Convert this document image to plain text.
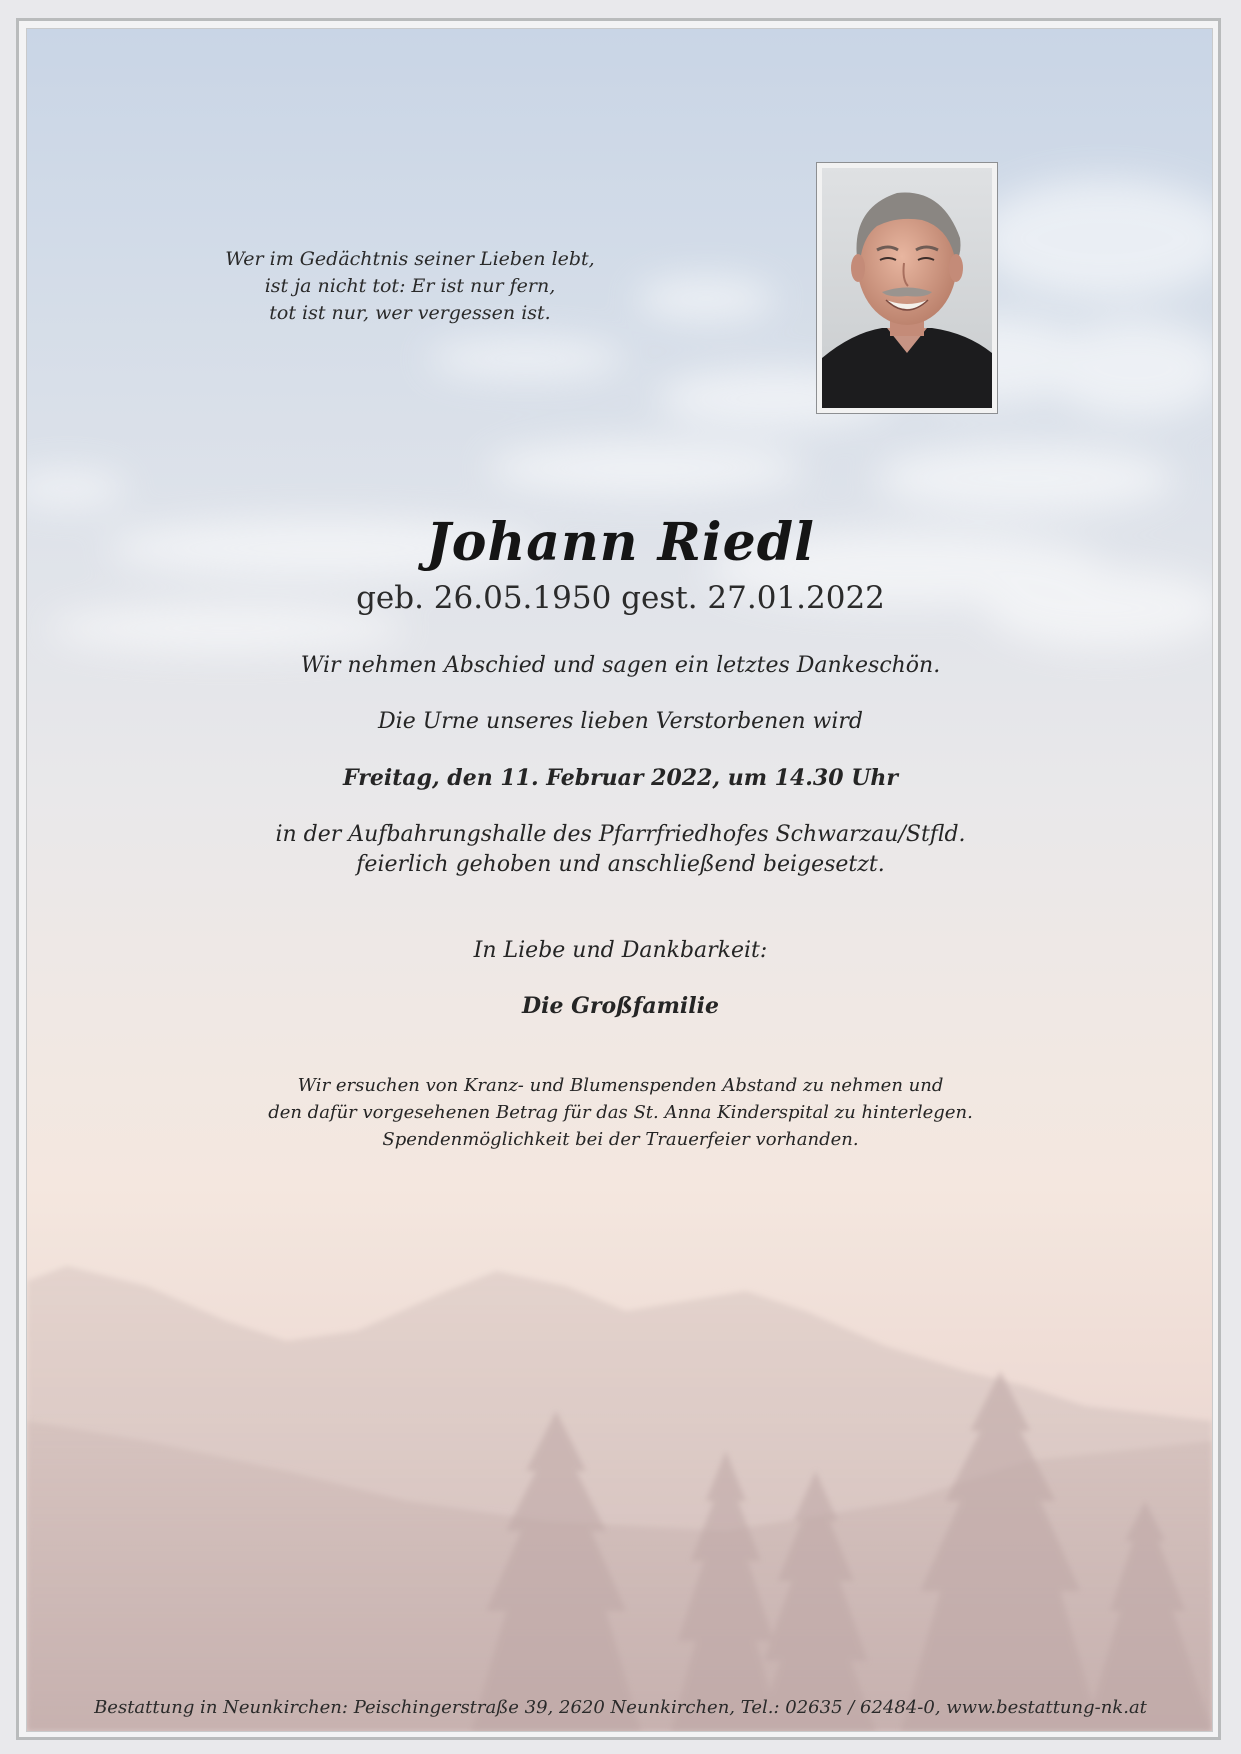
Wer im Gedächtnis seiner Lieben lebt,
ist ja nicht tot: Er ist nur fern,
tot ist nur, wer vergessen ist.
Johann Riedl
geb. 26.05.1950 gest. 27.01.2022
Wir nehmen Abschied und sagen ein letztes Dankeschön.
Die Urne unseres lieben Verstorbenen wird
Freitag, den 11. Februar 2022, um 14.30 Uhr
in der Aufbahrungshalle des Pfarrfriedhofes Schwarzau/Stfld.
feierlich gehoben und anschließend beigesetzt.
In Liebe und Dankbarkeit:
Die Großfamilie
Wir ersuchen von Kranz- und Blumenspenden Abstand zu nehmen und
den dafür vorgesehenen Betrag für das St. Anna Kinderspital zu hinterlegen.
Spendenmöglichkeit bei der Trauerfeier vorhanden.
Bestattung in Neunkirchen: Peischingerstraße 39, 2620 Neunkirchen, Tel.: 02635 / 62484-0, www.bestattung-nk.at
